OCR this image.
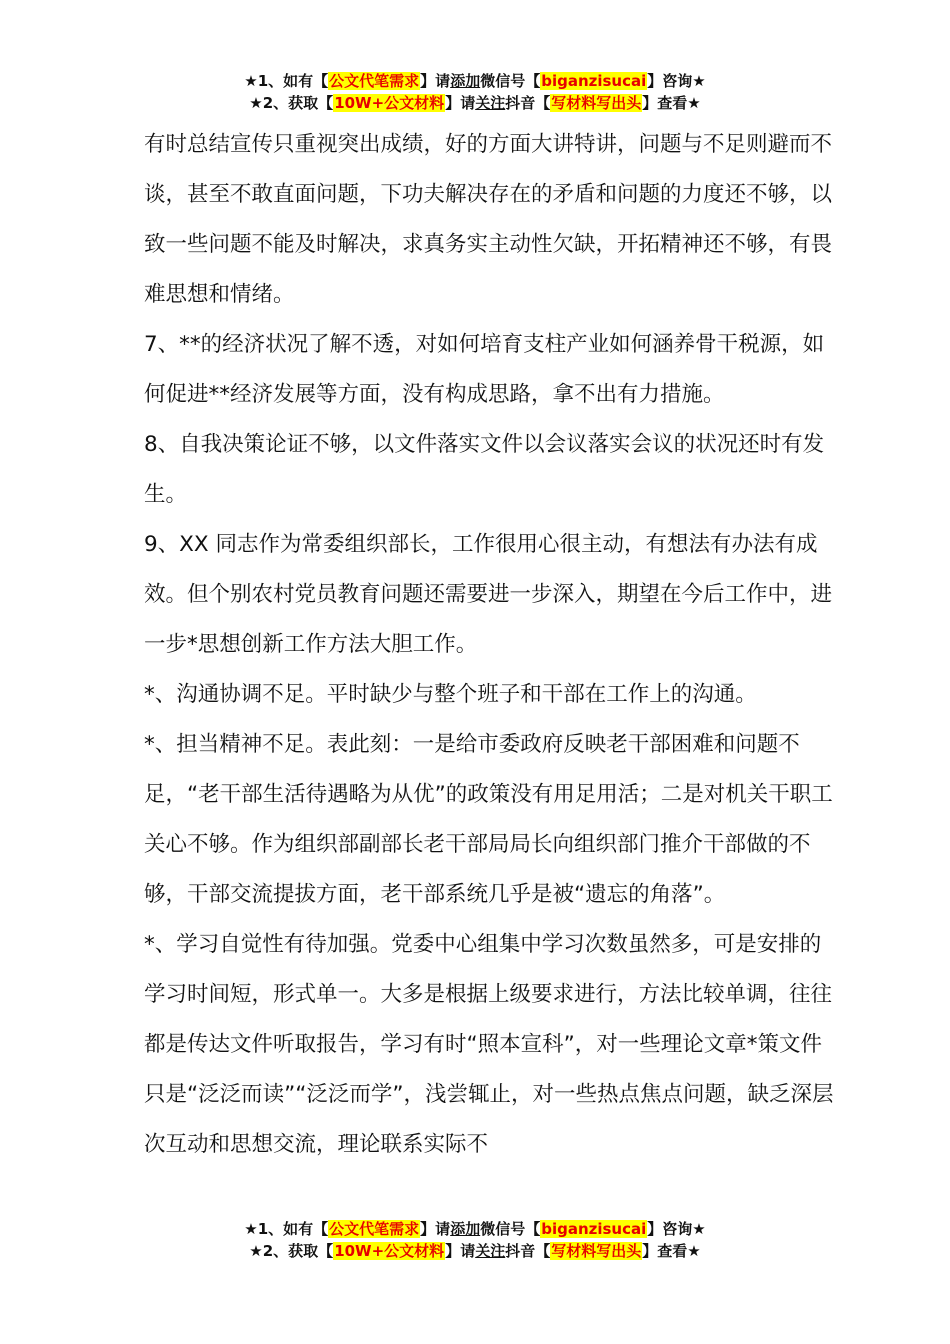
★1、如有【公文代笔需求】请添加微信号【biganzisucai】咨询★
★2、获取【10W+公文材料】请关注抖音【写材料写出头】查看★

有时总结宣传只重视突出成绩，好的方面大讲特讲，问题与不足则避而不谈，甚至不敢直面问题，下功夫解决存在的矛盾和问题的力度还不够，以致一些问题不能及时解决，求真务实主动性欠缺，开拓精神还不够，有畏难思想和情绪。

7、**的经济状况了解不透，对如何培育支柱产业如何涵养骨干税源，如何促进**经济发展等方面，没有构成思路，拿不出有力措施。

8、自我决策论证不够，以文件落实文件以会议落实会议的状况还时有发生。

9、XX 同志作为常委组织部长，工作很用心很主动，有想法有办法有成效。但个别农村党员教育问题还需要进一步深入，期望在今后工作中，进一步*思想创新工作方法大胆工作。

*、沟通协调不足。平时缺少与整个班子和干部在工作上的沟通。

*、担当精神不足。表此刻：一是给市委政府反映老干部困难和问题不足，“老干部生活待遇略为从优”的政策没有用足用活；二是对机关干职工关心不够。作为组织部副部长老干部局局长向组织部门推介干部做的不够，干部交流提拔方面，老干部系统几乎是被“遗忘的角落”。

*、学习自觉性有待加强。党委中心组集中学习次数虽然多，可是安排的学习时间短，形式单一。大多是根据上级要求进行，方法比较单调，往往都是传达文件听取报告，学习有时“照本宣科”，对一些理论文章*策文件只是“泛泛而读”“泛泛而学”，浅尝辄止，对一些热点焦点问题，缺乏深层次互动和思想交流，理论联系实际不

★1、如有【公文代笔需求】请添加微信号【biganzisucai】咨询★
★2、获取【10W+公文材料】请关注抖音【写材料写出头】查看★
